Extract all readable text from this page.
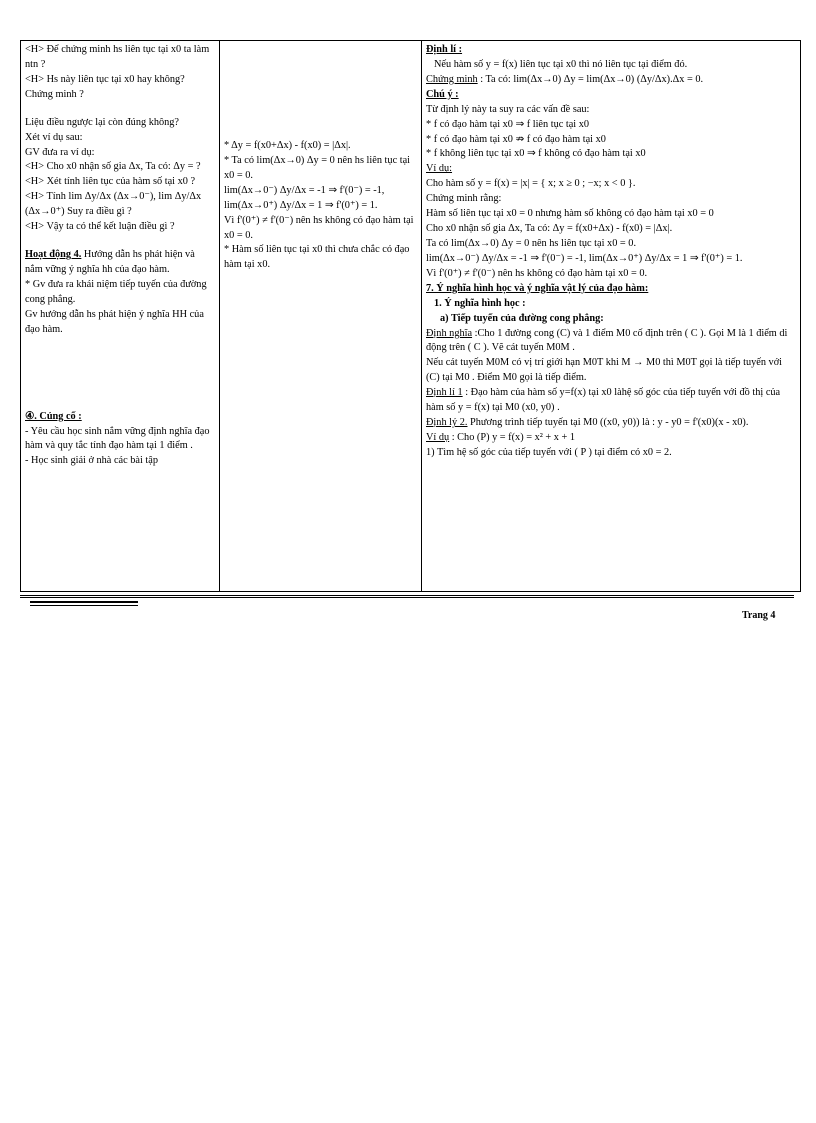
<H> Để chứng minh hs liên tục tại x0 ta làm ntn ?

<H> Hs này liên tục tại x0 hay không? Chứng minh ?

Liệu điều ngược lại còn đúng không?

Xét ví dụ sau:

GV đưa ra ví dụ:

<H> Cho x0 nhận số gia Δx, Ta có: Δy = ?

<H> Xét tính liên tục của hàm số tại x0 ?

<H> Tính lim Δy/Δx (Δx→0⁻), lim Δy/Δx (Δx→0⁺) Suy ra điều gì ?

<H> Vậy ta có thể kết luận điều gì ?

Hoạt động 4. Hướng dẫn hs phát hiện và nắm vững ý nghĩa hh của đạo hàm.

* Gv đưa ra khái niệm tiếp tuyến của đường cong phẳng.

Gv hướng dẫn hs phát hiện ý nghĩa HH của đạo hàm.

④. Củng cố :

- Yêu cầu học sinh nắm vững định nghĩa đạo hàm và quy tắc tính đạo hàm tại 1 điểm .

- Học sinh giải ở nhà các bài tập

* Δy = f(x0+Δx) - f(x0) = |Δx|.

* Ta có lim(Δx→0) Δy = 0 nên hs liên tục tại x0 = 0.

lim(Δx→0⁻) Δy/Δx = -1 ⇒ f'(0⁻) = -1, lim(Δx→0⁺) Δy/Δx = 1 ⇒ f'(0⁺) = 1.

Vì f'(0⁺) ≠ f'(0⁻) nên hs không có đạo hàm tại x0 = 0.

* Hàm số liên tục tại x0 thì chưa chắc có đạo hàm tại x0.

Định lí :

Nếu hàm số y = f(x) liên tục tại x0 thì nó liên tục tại điểm đó.

Chứng minh : Ta có: lim(Δx→0) Δy = lim(Δx→0) (Δy/Δx).Δx = 0.

Chú ý :

Từ định lý này ta suy ra các vấn đề sau:

* f có đạo hàm tại x0 ⇒ f liên tục tại x0

* f có đạo hàm tại x0 ⇏ f có đạo hàm tại x0

* f không liên tục tại x0 ⇒ f không có đạo hàm tại x0

Ví dụ:

Cho hàm số y = f(x) = |x| = { x; x ≥ 0 ; −x; x < 0 }.

Chứng minh rằng:

Hàm số liên tục tại x0 = 0 nhưng hàm số không có đạo hàm tại x0 = 0

Cho x0 nhận số gia Δx, Ta có: Δy = f(x0+Δx) - f(x0) = |Δx|.

Ta có lim(Δx→0) Δy = 0 nên hs liên tục tại x0 = 0.

lim(Δx→0⁻) Δy/Δx = -1 ⇒ f'(0⁻) = -1, lim(Δx→0⁺) Δy/Δx = 1 ⇒ f'(0⁺) = 1.

Vì f'(0⁺) ≠ f'(0⁻) nên hs không có đạo hàm tại x0 = 0.

7. Ý nghĩa hình học và ý nghĩa vật lý của đạo hàm:

1. Ý nghĩa hình học :

a) Tiếp tuyến của đường cong phẳng:

Định nghĩa :Cho 1 đường cong (C) và 1 điểm M0 cố định trên ( C ). Gọi M là 1 điểm di động trên ( C ). Vẽ cát tuyến M0M .

Nếu cát tuyến M0M có vị trí giới hạn M0T khi M → M0 thì M0T gọi là tiếp tuyến với (C) tại M0 . Điểm M0 gọi là tiếp điểm.

Định lí 1 : Đạo hàm của hàm số y=f(x) tại x0 làhệ số góc của tiếp tuyến với đồ thị của hàm số y = f(x) tại M0 (x0, y0) .

Định lý 2. Phương trình tiếp tuyến tại M0 ((x0, y0)) là : y - y0 = f'(x0)(x - x0).

Ví dụ : Cho (P) y = f(x) = x² + x + 1

1) Tìm hệ số góc của tiếp tuyến với ( P ) tại điểm có x0 = 2.

Trang 4
